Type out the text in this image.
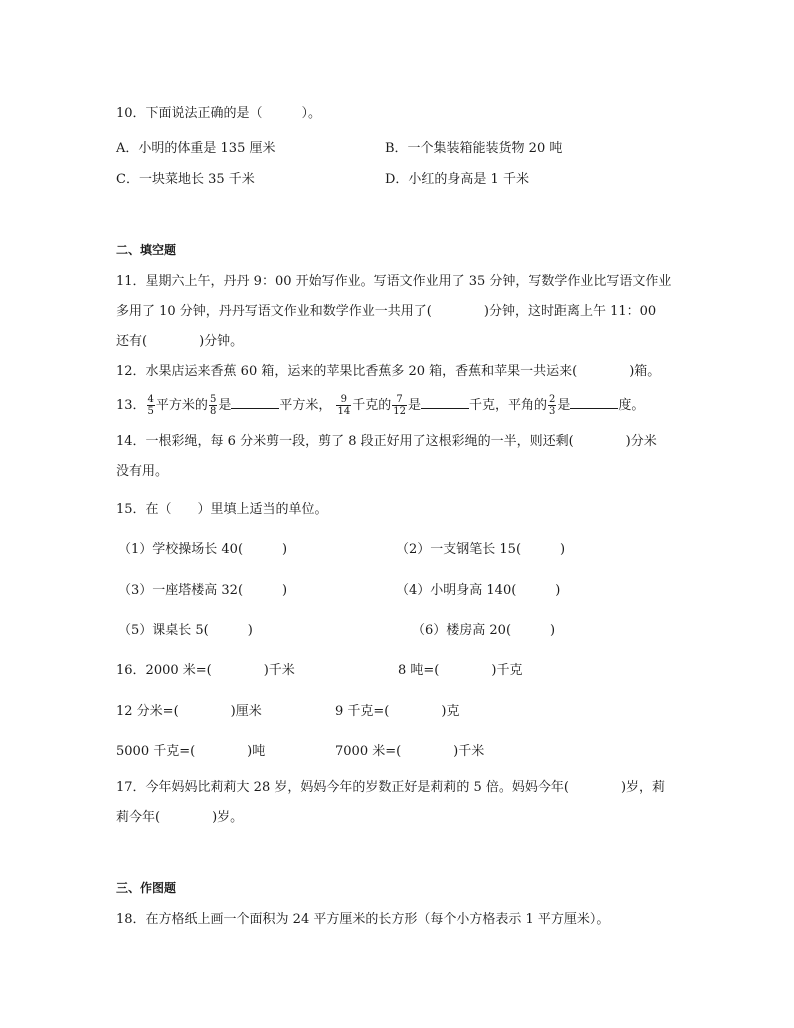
10．下面说法正确的是（　　　）。
A．小明的体重是 135 厘米	B．一个集装箱能装货物 20 吨
C．一块菜地长 35 千米	D．小红的身高是 1 千米
二、填空题
11．星期六上午，丹丹 9：00 开始写作业。写语文作业用了 35 分钟，写数学作业比写语文作业
多用了 10 分钟，丹丹写语文作业和数学作业一共用了(　　　　)分钟，这时距离上午 11：00
还有(　　　　)分钟。
12．水果店运来香蕉 60 箱，运来的苹果比香蕉多 20 箱，香蕉和苹果一共运来(　　　　)箱。
13． $\frac{4}{5}$ 平方米的 $\frac{5}{8}$ 是	平方米， $\frac{9}{14}$ 千克的 $\frac{7}{12}$ 是	千克，平角的 $\frac{2}{3}$ 是	度。
14．一根彩绳，每 6 分米剪一段，剪了 8 段正好用了这根彩绳的一半，则还剩(　　　　)分米
没有用。
15．在（　　）里填上适当的单位。
（1）学校操场长 40(　　　)	（2）一支钢笔长 15(　　　)
（3）一座塔楼高 32(　　　)	（4）小明身高 140(　　　)
（5）课桌长 5(　　　)	（6）楼房高 20(　　　)
16．2000 米=(　　　　)千米	8 吨=(　　　　)千克
12 分米=(　　　　)厘米	9 千克=(　　　　)克
5000 千克=(　　　　)吨	7000 米=(　　　　)千米
17．今年妈妈比莉莉大 28 岁，妈妈今年的岁数正好是莉莉的 5 倍。妈妈今年(　　　　)岁，莉
莉今年(　　　　)岁。
三、作图题
18．在方格纸上画一个面积为 24 平方厘米的长方形（每个小方格表示 1 平方厘米）。
